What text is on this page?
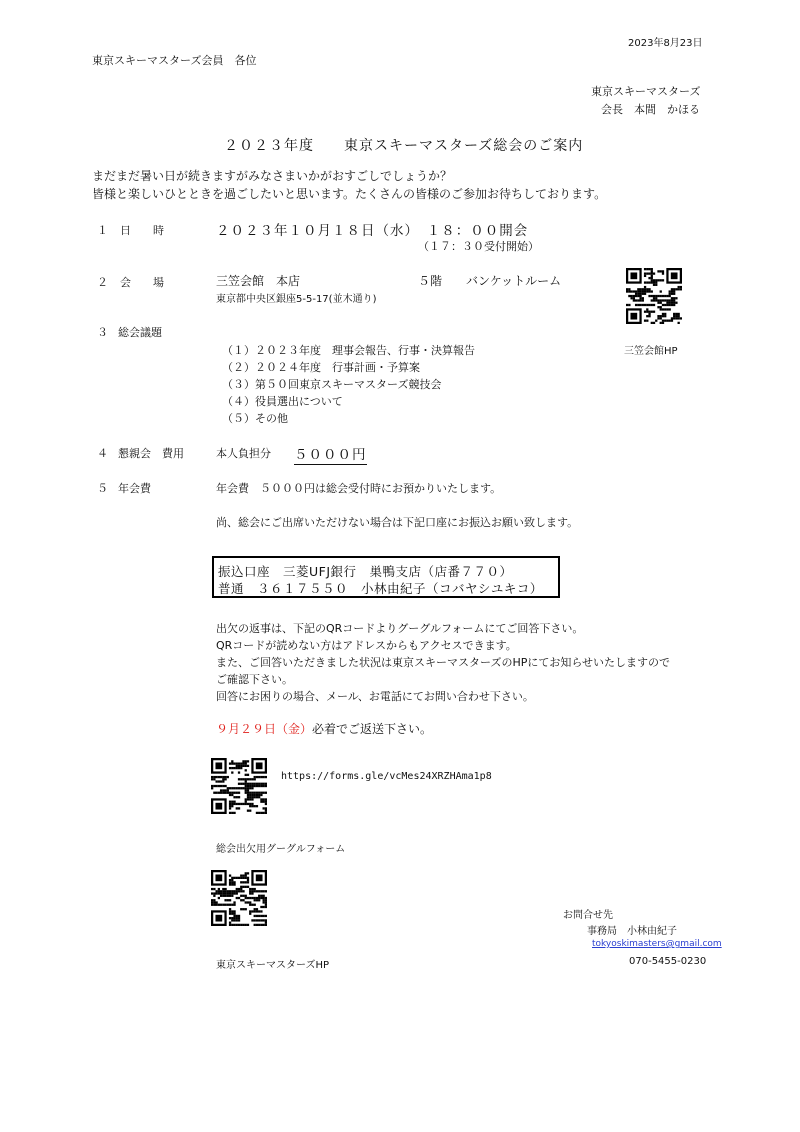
2023年8月23日
東京スキーマスターズ会員　各位
東京スキーマスターズ
会長　本間　かほる
２０２３年度　　東京スキーマスターズ総会のご案内
まだまだ暑い日が続きますがみなさまいかがおすごしでしょうか？
皆様と楽しいひとときを過ごしたいと思います。たくさんの皆様のご参加お待ちしております。
１ 日　　時	２０２３年１０月１８日（水）　１８：００開会
（１７：３０受付開始）
２ 会　　場	三笠会館　本店	５階　　バンケットルーム
東京都中央区銀座5-5-17(並木通り)
三笠会館HP
３ 総会議題
（１）２０２３年度　理事会報告、行事・決算報告
（２）２０２４年度　行事計画・予算案
（３）第５０回東京スキーマスターズ競技会
（４）役員選出について
（５）その他
４ 懇親会　費用	本人負担分 ５０００円
５ 年会費	年会費　５０００円は総会受付時にお預かりいたします。
尚、総会にご出席いただけない場合は下記口座にお振込お願い致します。
振込口座　三菱UFJ銀行　巣鴨支店（店番７７０）
普通　３６１７５５０　小林由紀子（コバヤシユキコ）
出欠の返事は、下記のQRコードよりグーグルフォームにてご回答下さい。
QRコードが読めない方はアドレスからもアクセスできます。
また、ご回答いただきました状況は東京スキーマスターズのHPにてお知らせいたしますので
ご確認下さい。
回答にお困りの場合、メール、お電話にてお問い合わせ下さい。
９月２９日（金）必着でご返送下さい。
https://forms.gle/vcMes24XRZHAma1p8
総会出欠用グーグルフォーム
東京スキーマスターズHP
お問合せ先
事務局　小林由紀子
tokyoskimasters@gmail.com
070-5455-0230
